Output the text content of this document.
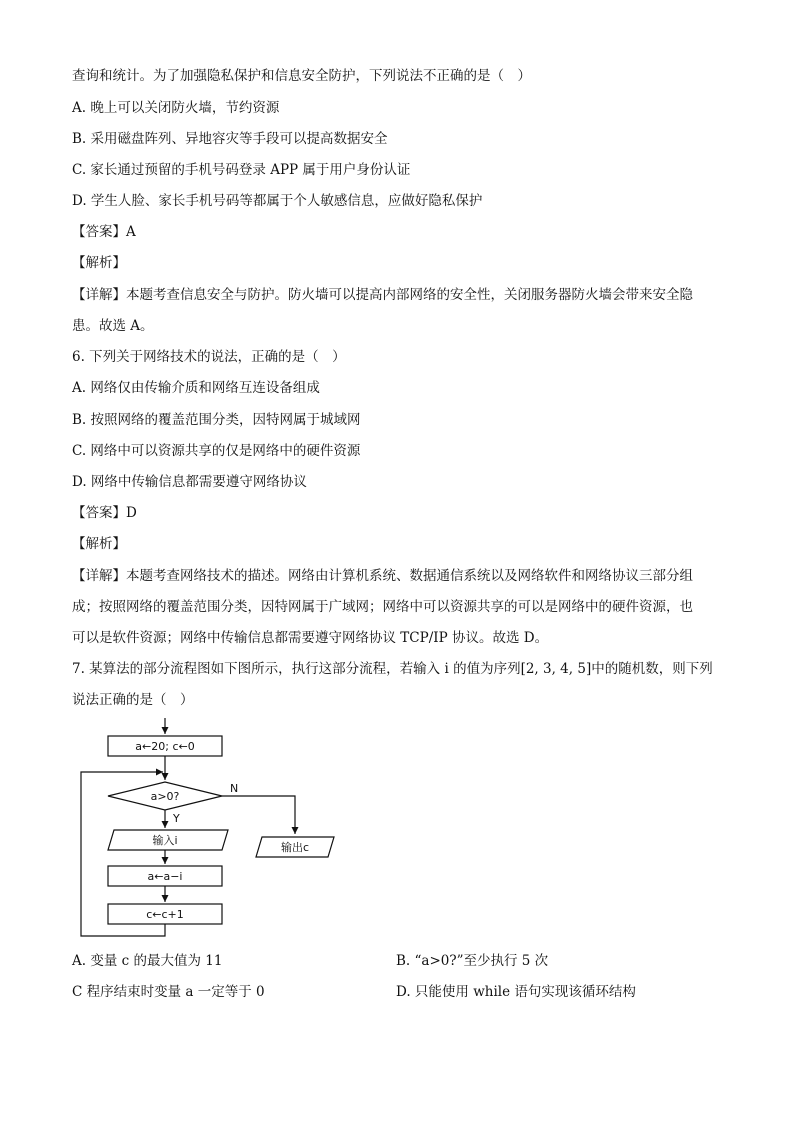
查询和统计。为了加强隐私保护和信息安全防护，下列说法不正确的是（　）
A. 晚上可以关闭防火墙，节约资源
B. 采用磁盘阵列、异地容灾等手段可以提高数据安全
C. 家长通过预留的手机号码登录 APP 属于用户身份认证
D. 学生人脸、家长手机号码等都属于个人敏感信息，应做好隐私保护
【答案】A
【解析】
【详解】本题考查信息安全与防护。防火墙可以提高内部网络的安全性，关闭服务器防火墙会带来安全隐
患。故选 A。
6. 下列关于网络技术的说法，正确的是（　）
A. 网络仅由传输介质和网络互连设备组成
B. 按照网络的覆盖范围分类，因特网属于城域网
C. 网络中可以资源共享的仅是网络中的硬件资源
D. 网络中传输信息都需要遵守网络协议
【答案】D
【解析】
【详解】本题考查网络技术的描述。网络由计算机系统、数据通信系统以及网络软件和网络协议三部分组
成；按照网络的覆盖范围分类，因特网属于广域网；网络中可以资源共享的可以是网络中的硬件资源，也
可以是软件资源；网络中传输信息都需要遵守网络协议 TCP/IP 协议。故选 D。
7. 某算法的部分流程图如下图所示，执行这部分流程，若输入 i 的值为序列[2, 3, 4, 5]中的随机数，则下列
说法正确的是（　）
a←20; c←0
a>0?
N
Y
输入i
a←a−i
c←c+1
输出c
A. 变量 c 的最大值为 11	B. “a>0?”至少执行 5 次
C 程序结束时变量 a 一定等于 0	D. 只能使用 while 语句实现该循环结构
